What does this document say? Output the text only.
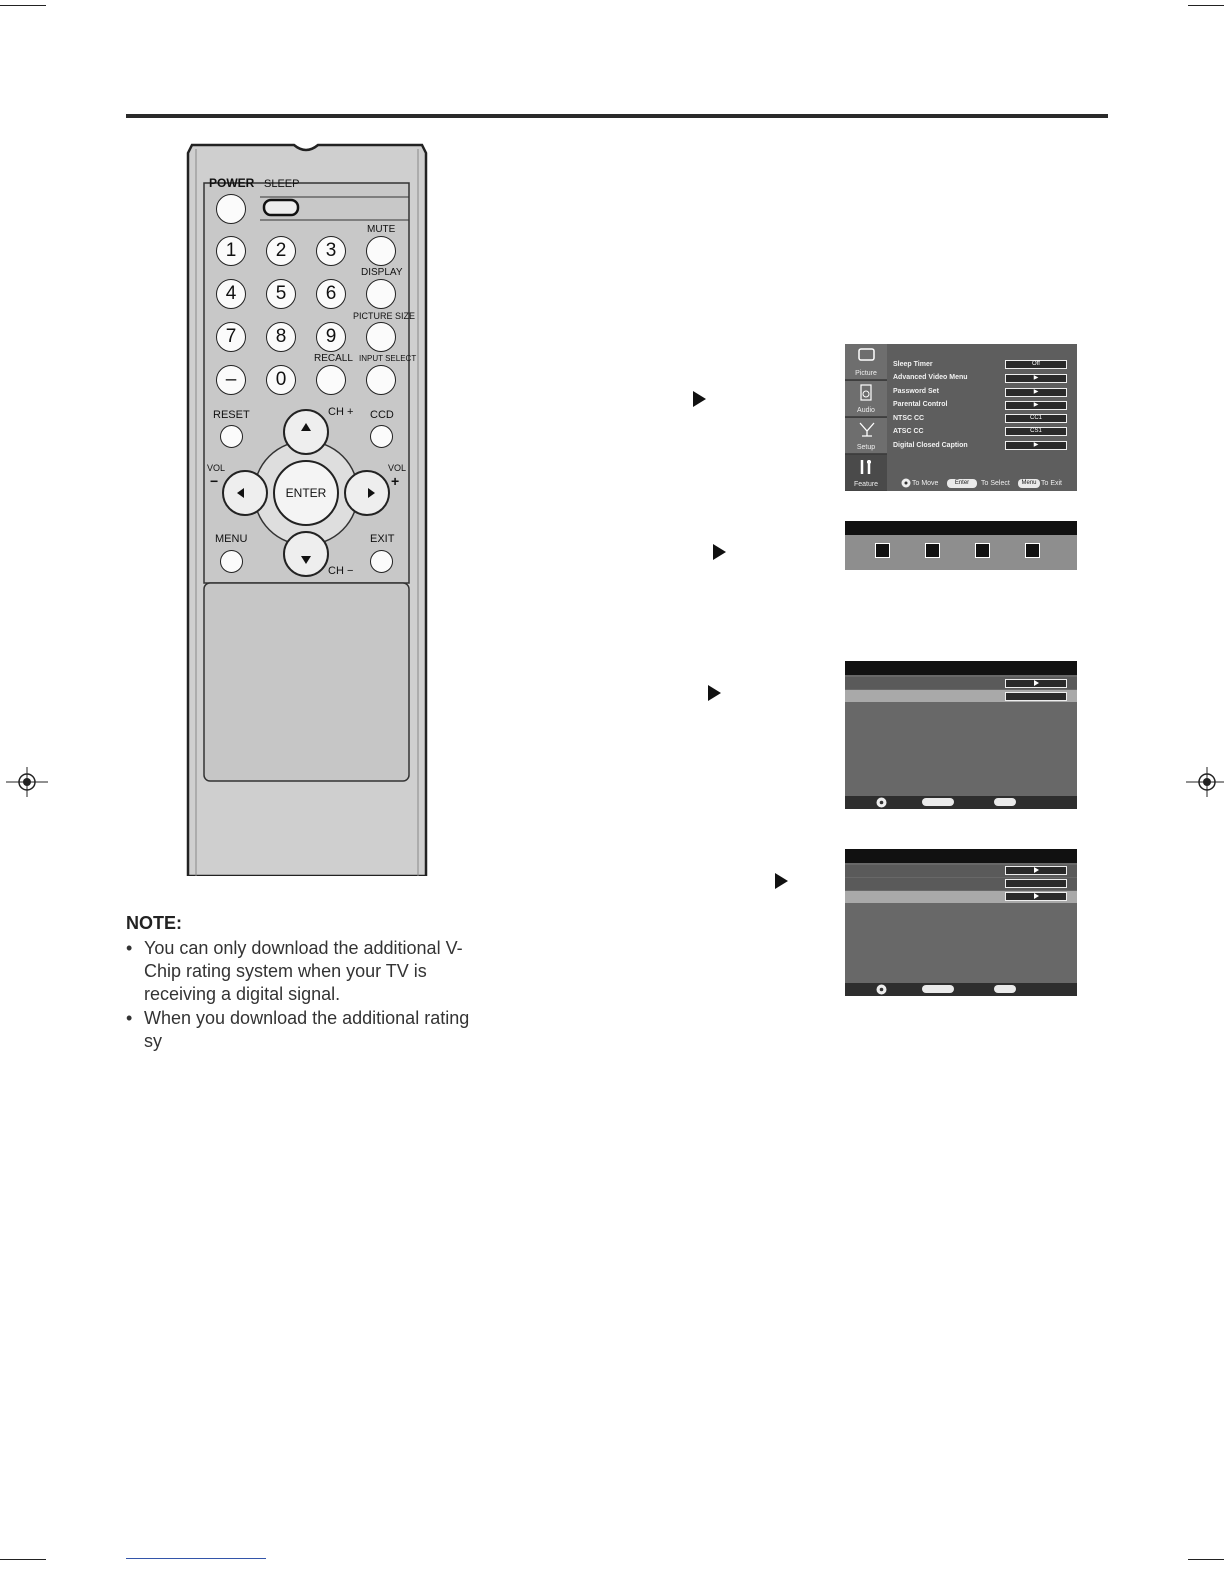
POWER SLEEP
MUTE
DISPLAY
PICTURE SIZE
RECALL INPUT SELECT
1 2 3
4 5 6
7 8 9
– 0
RESET	CH + CCD
VOL
−
VOL
+
ENTER
MENU	EXIT
CH −
NOTE:
• You can only download the additional V-Chip rating system when your TV is receiving a digital signal.
• When you download the additional rating sy
Picture
Audio
Setup
Feature
Sleep Timer	Off
Advanced Video Menu	▶
Password Set	▶
Parental Control	▶
NTSC CC	CC1
ATSC CC	CS1
Digital Closed Caption	▶
To Move	Enter	To Select	Menu To Exit
